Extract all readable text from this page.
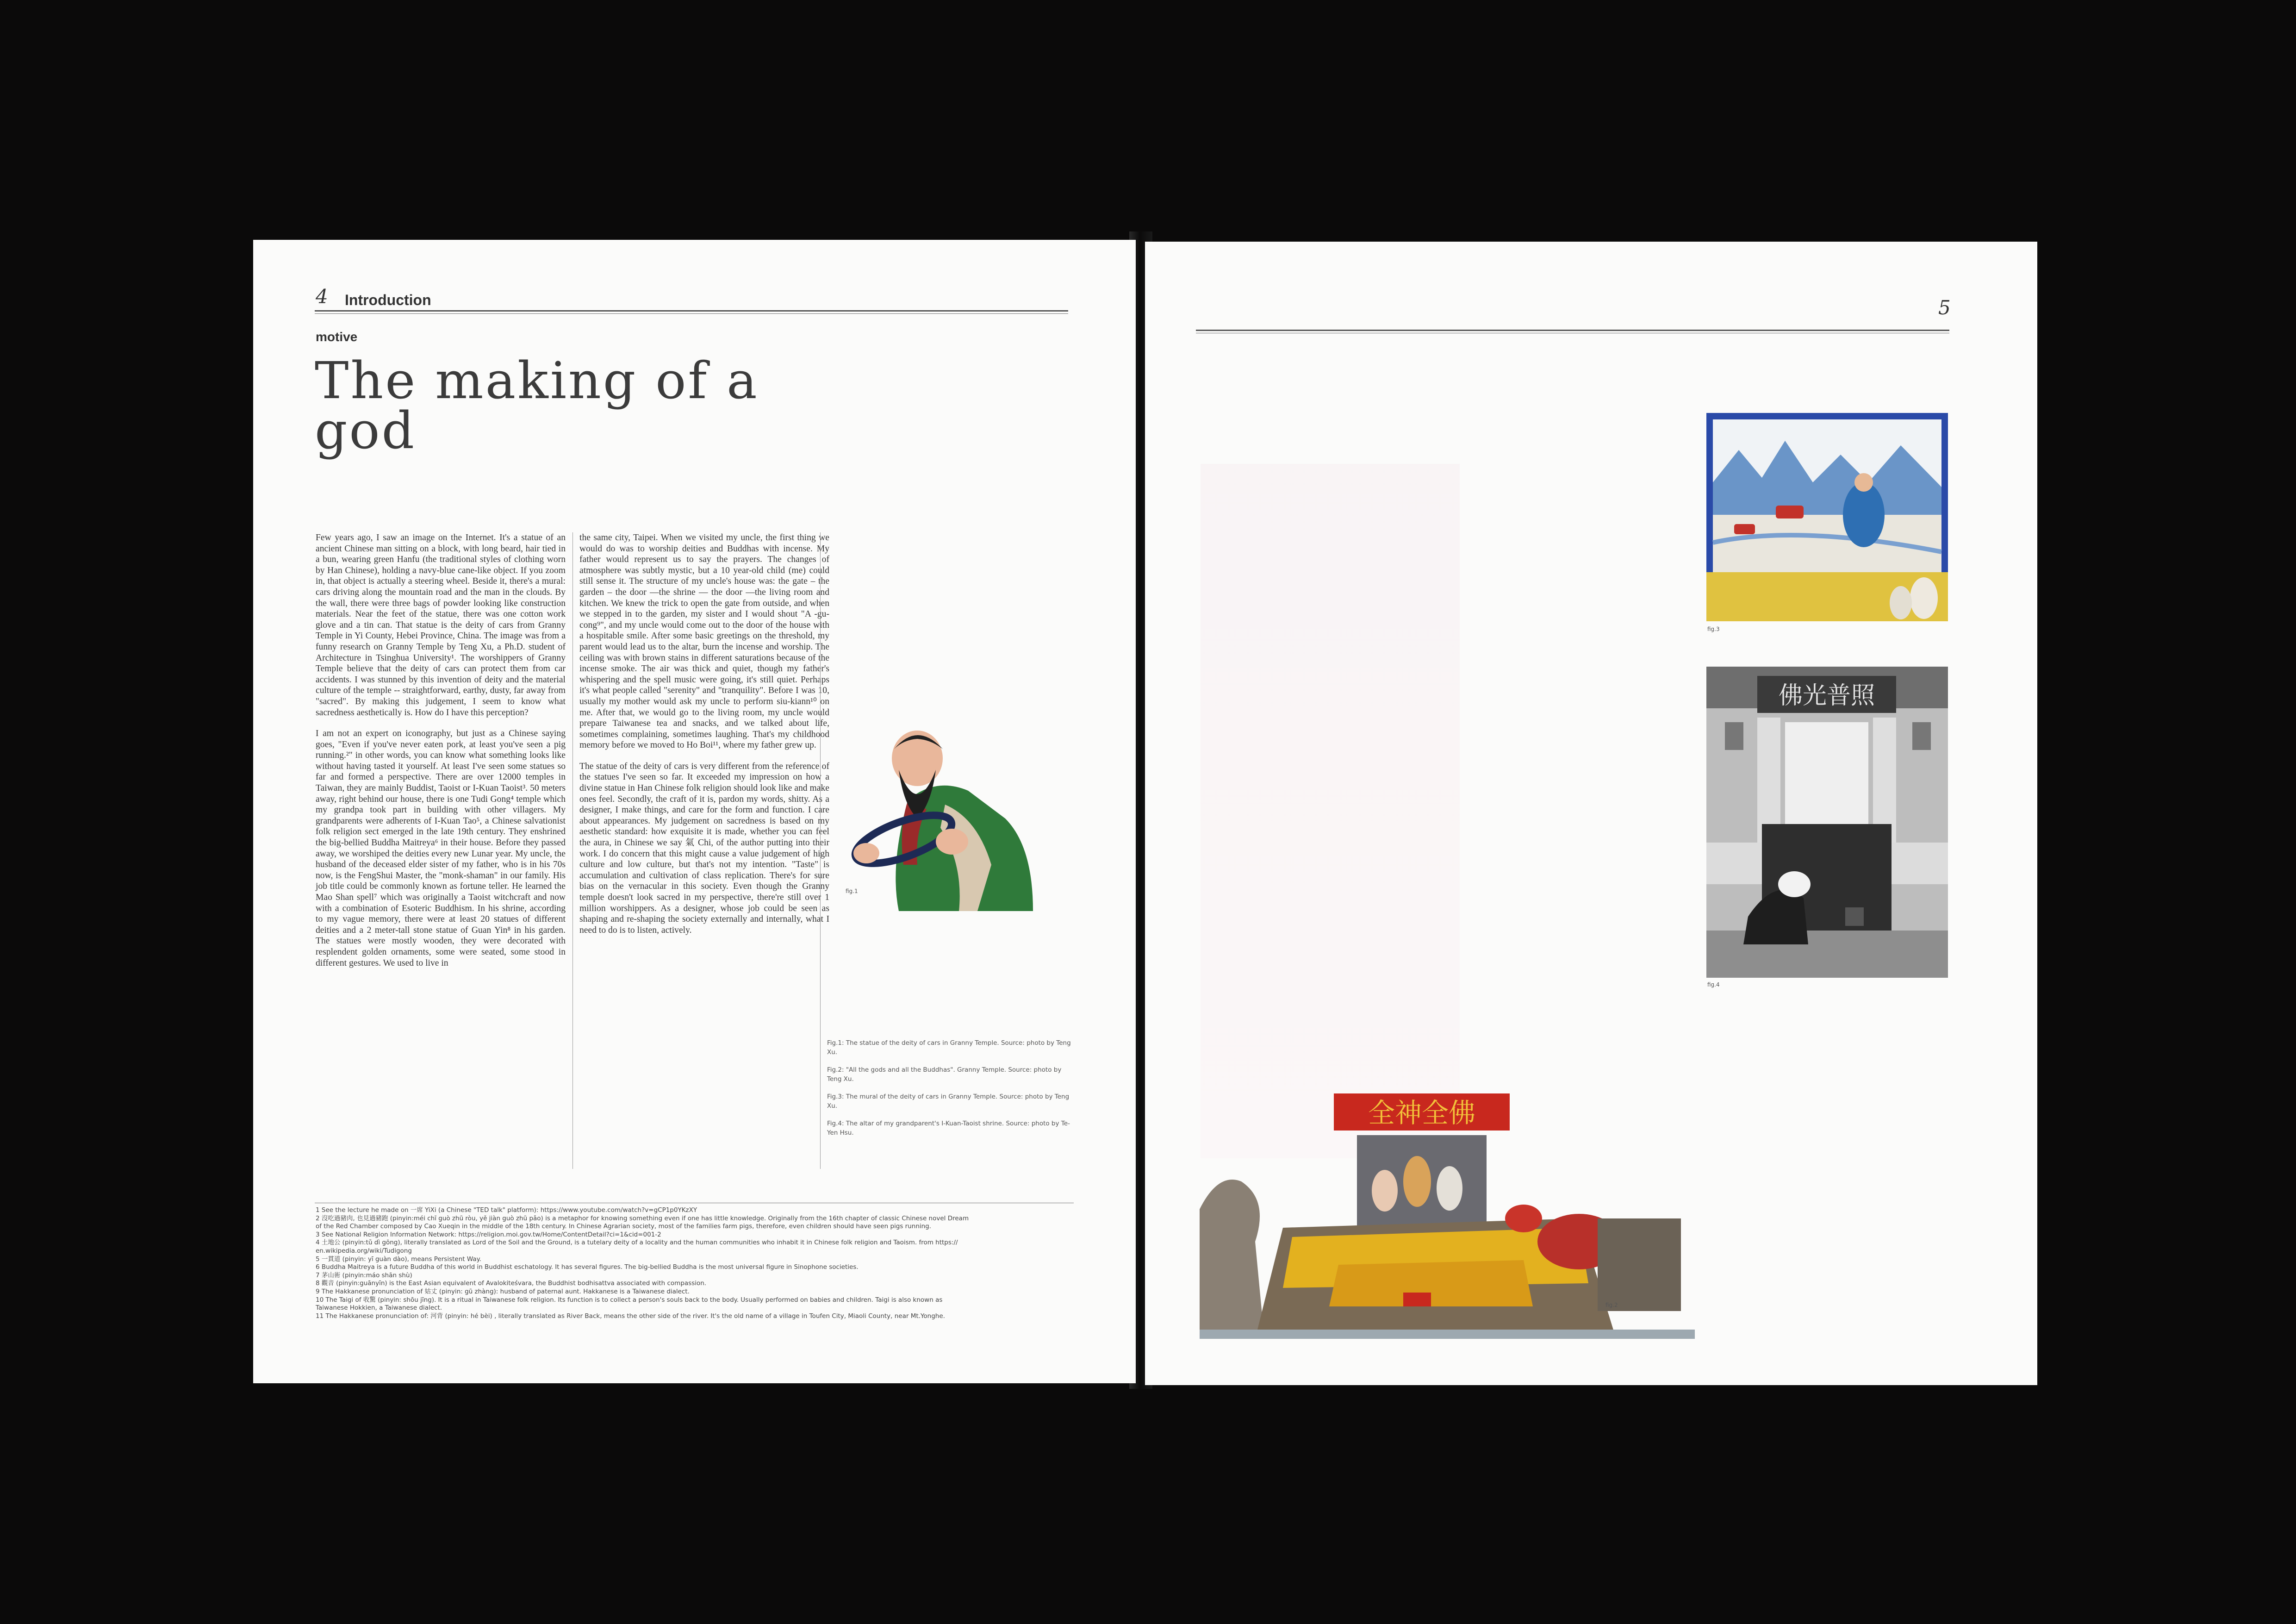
4 Introduction
motive
The making of a
god

Few years ago, I saw an image on the Internet. It's a statue of an ancient Chinese man sitting on a block, with long beard, hair tied in a bun, wearing green Hanfu (the traditional styles of clothing worn by Han Chinese), holding a navy-blue cane-like object. If you zoom in, that object is actually a steering wheel. Beside it, there's a mural: cars driving along the mountain road and the man in the clouds. By the wall, there were three bags of powder looking like construction materials. Near the feet of the statue, there was one cotton work glove and a tin can. That statue is the deity of cars from Granny Temple in Yi County, Hebei Province, China. The image was from a funny research on Granny Temple by Teng Xu, a Ph.D. student of Architecture in Tsinghua University¹. The worshippers of Granny Temple believe that the deity of cars can protect them from car accidents. I was stunned by this invention of deity and the material culture of the temple -- straightforward, earthy, dusty, far away from "sacred". By making this judgement, I seem to know what sacredness aesthetically is. How do I have this perception?

I am not an expert on iconography, but just as a Chinese saying goes, "Even if you've never eaten pork, at least you've seen a pig running.²" in other words, you can know what something looks like without having tasted it yourself. At least I've seen some statues so far and formed a perspective. There are over 12000 temples in Taiwan, they are mainly Buddist, Taoist or I-Kuan Taoist³. 50 meters away, right behind our house, there is one Tudi Gong⁴ temple which my grandpa took part in building with other villagers. My grandparents were adherents of I-Kuan Tao⁵, a Chinese salvationist folk religion sect emerged in the late 19th century. They enshrined the big-bellied Buddha Maitreya⁶ in their house. Before they passed away, we worshiped the deities every new Lunar year. My uncle, the husband of the deceased elder sister of my father, who is in his 70s now, is the FengShui Master, the "monk-shaman" in our family. His job title could be commonly known as fortune teller. He learned the Mao Shan spell⁷ which was originally a Taoist witchcraft and now with a combination of Esoteric Buddhism. In his shrine, according to my vague memory, there were at least 20 statues of different deities and a 2 meter-tall stone statue of Guan Yin⁸ in his garden. The statues were mostly wooden, they were decorated with resplendent golden ornaments, some were seated, some stood in different gestures. We used to live in

the same city, Taipei. When we visited my uncle, the first thing we would do was to worship deities and Buddhas with incense. My father would represent us to say the prayers. The changes of atmosphere was subtly mystic, but a 10 year-old child (me) could still sense it. The structure of my uncle's house was: the gate – the garden – the door —the shrine — the door —the living room and kitchen. We knew the trick to open the gate from outside, and when we stepped in to the garden, my sister and I would shout "A -gu-cong⁹", and my uncle would come out to the door of the house with a hospitable smile. After some basic greetings on the threshold, my parent would lead us to the altar, burn the incense and worship. The ceiling was with brown stains in different saturations because of the incense smoke. The air was thick and quiet, though my father's whispering and the spell music were going, it's still quiet. Perhaps it's what people called "serenity" and "tranquility". Before I was 10, usually my mother would ask my uncle to perform siu-kiann¹⁰ on me. After that, we would go to the living room, my uncle would prepare Taiwanese tea and snacks, and we talked about life, sometimes complaining, sometimes laughing. That's my childhood memory before we moved to Ho Boi¹¹, where my father grew up.

The statue of the deity of cars is very different from the reference of the statues I've seen so far. It exceeded my impression on how a divine statue in Han Chinese folk religion should look like and make ones feel. Secondly, the craft of it is, pardon my words, shitty. As a designer, I make things, and care for the form and function. I care about appearances. My judgement on sacredness is based on my aesthetic standard: how exquisite it is made, whether you can feel the aura, in Chinese we say 氣 Chi, of the author putting into their work. I do concern that this might cause a value judgement of high culture and low culture, but that's not my intention. "Taste" is accumulation and cultivation of class replication. There's for sure bias on the vernacular in this society. Even though the Granny temple doesn't look sacred in my perspective, there're still over 1 million worshippers. As a designer, whose job could be seen as shaping and re-shaping the society externally and internally, what I need to do is to listen, actively.

fig.1

Fig.1: The statue of the deity of cars in Granny Temple. Source: photo by Teng Xu.

Fig.2: "All the gods and all the Buddhas". Granny Temple. Source: photo by Teng Xu.

Fig.3: The mural of the deity of cars in Granny Temple. Source: photo by Teng Xu.

Fig.4: The altar of my grandparent's I-Kuan-Taoist shrine. Source: photo by Te-Yen Hsu.

1 See the lecture he made on 一席 YiXi (a Chinese "TED talk" platform): https://www.youtube.com/watch?v=gCP1p0YKzXY
2 沒吃過豬肉, 也見過豬跑 (pinyin:méi chī guò zhū ròu, yě jiàn guò zhū pǎo) is a metaphor for knowing something even if one has little knowledge. Originally from the 16th chapter of classic Chinese novel Dream
of the Red Chamber composed by Cao Xueqin in the middle of the 18th century. In Chinese Agrarian society, most of the families farm pigs, therefore, even children should have seen pigs running.
3 See National Religion Information Network: https://religion.moi.gov.tw/Home/ContentDetail?ci=1&cid=001-2
4 土地公 (pinyin:tǔ dì gōng), literally translated as Lord of the Soil and the Ground, is a tutelary deity of a locality and the human communities who inhabit it in Chinese folk religion and Taoism. from https://
en.wikipedia.org/wiki/Tudigong
5 一貫道 (pinyin: yī guàn dào), means Persistent Way.
6 Buddha Maitreya is a future Buddha of this world in Buddhist eschatology. It has several figures. The big-bellied Buddha is the most universal figure in Sinophone societies.
7 茅山術 (pinyin:máo shān shù)
8 觀音 (pinyin:guānyīn) is the East Asian equivalent of Avalokiteśvara, the Buddhist bodhisattva associated with compassion.
9 The Hakkanese pronunciation of 姑丈 (pinyin: gū zhàng): husband of paternal aunt. Hakkanese is a Taiwanese dialect.
10 The Taigi of 收驚 (pinyin: shōu jīng). It is a ritual in Taiwanese folk religion. Its function is to collect a person's souls back to the body. Usually performed on babies and children. Taigi is also known as
Taiwanese Hokkien, a Taiwanese dialect.
11 The Hakkanese pronunciation of: 河背 (pinyin: hé bèi) , literally translated as River Back, means the other side of the river. It's the old name of a village in Toufen City, Miaoli County, near Mt.Yonghe.
5
fig.3
佛光普照
fig.4
全神全佛
fig.2
